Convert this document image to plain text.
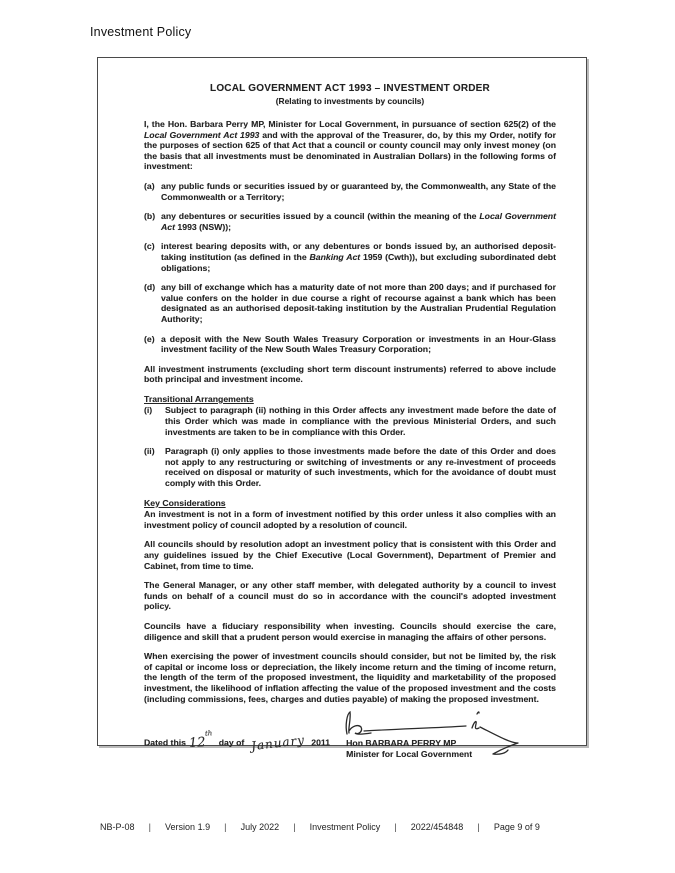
Investment Policy
LOCAL GOVERNMENT ACT 1993 – INVESTMENT ORDER
(Relating to investments by councils)

I, the Hon. Barbara Perry MP, Minister for Local Government, in pursuance of section 625(2) of the Local Government Act 1993 and with the approval of the Treasurer, do, by this my Order, notify for the purposes of section 625 of that Act that a council or county council may only invest money (on the basis that all investments must be denominated in Australian Dollars) in the following forms of investment:

(a) any public funds or securities issued by or guaranteed by, the Commonwealth, any State of the Commonwealth or a Territory;
(b) any debentures or securities issued by a council (within the meaning of the Local Government Act 1993 (NSW));
(c) interest bearing deposits with, or any debentures or bonds issued by, an authorised deposit-taking institution (as defined in the Banking Act 1959 (Cwth)), but excluding subordinated debt obligations;
(d) any bill of exchange which has a maturity date of not more than 200 days; and if purchased for value confers on the holder in due course a right of recourse against a bank which has been designated as an authorised deposit-taking institution by the Australian Prudential Regulation Authority;
(e) a deposit with the New South Wales Treasury Corporation or investments in an Hour-Glass investment facility of the New South Wales Treasury Corporation;

All investment instruments (excluding short term discount instruments) referred to above include both principal and investment income.

Transitional Arrangements
(i)	Subject to paragraph (ii) nothing in this Order affects any investment made before the date of this Order which was made in compliance with the previous Ministerial Orders, and such investments are taken to be in compliance with this Order.
(ii)	Paragraph (i) only applies to those investments made before the date of this Order and does not apply to any restructuring or switching of investments or any re-investment of proceeds received on disposal or maturity of such investments, which for the avoidance of doubt must comply with this Order.
Key Considerations

An investment is not in a form of investment notified by this order unless it also complies with an investment policy of council adopted by a resolution of council.

All councils should by resolution adopt an investment policy that is consistent with this Order and any guidelines issued by the Chief Executive (Local Government), Department of Premier and Cabinet, from time to time.

The General Manager, or any other staff member, with delegated authority by a council to invest funds on behalf of a council must do so in accordance with the council's adopted investment policy.

Councils have a fiduciary responsibility when investing. Councils should exercise the care, diligence and skill that a prudent person would exercise in managing the affairs of other persons.

When exercising the power of investment councils should consider, but not be limited by, the risk of capital or income loss or depreciation, the likely income return and the timing of income return, the length of the term of the proposed investment, the liquidity and marketability of the proposed investment, the likelihood of inflation affecting the value of the proposed investment and the costs (including commissions, fees, charges and duties payable) of making the proposed investment.

Dated this 12th day of January 2011 Hon BARBARA PERRY MP
Minister for Local Government
NB-P-08 | Version 1.9 | July 2022 | Investment Policy | 2022/454848 | Page 9 of 9
